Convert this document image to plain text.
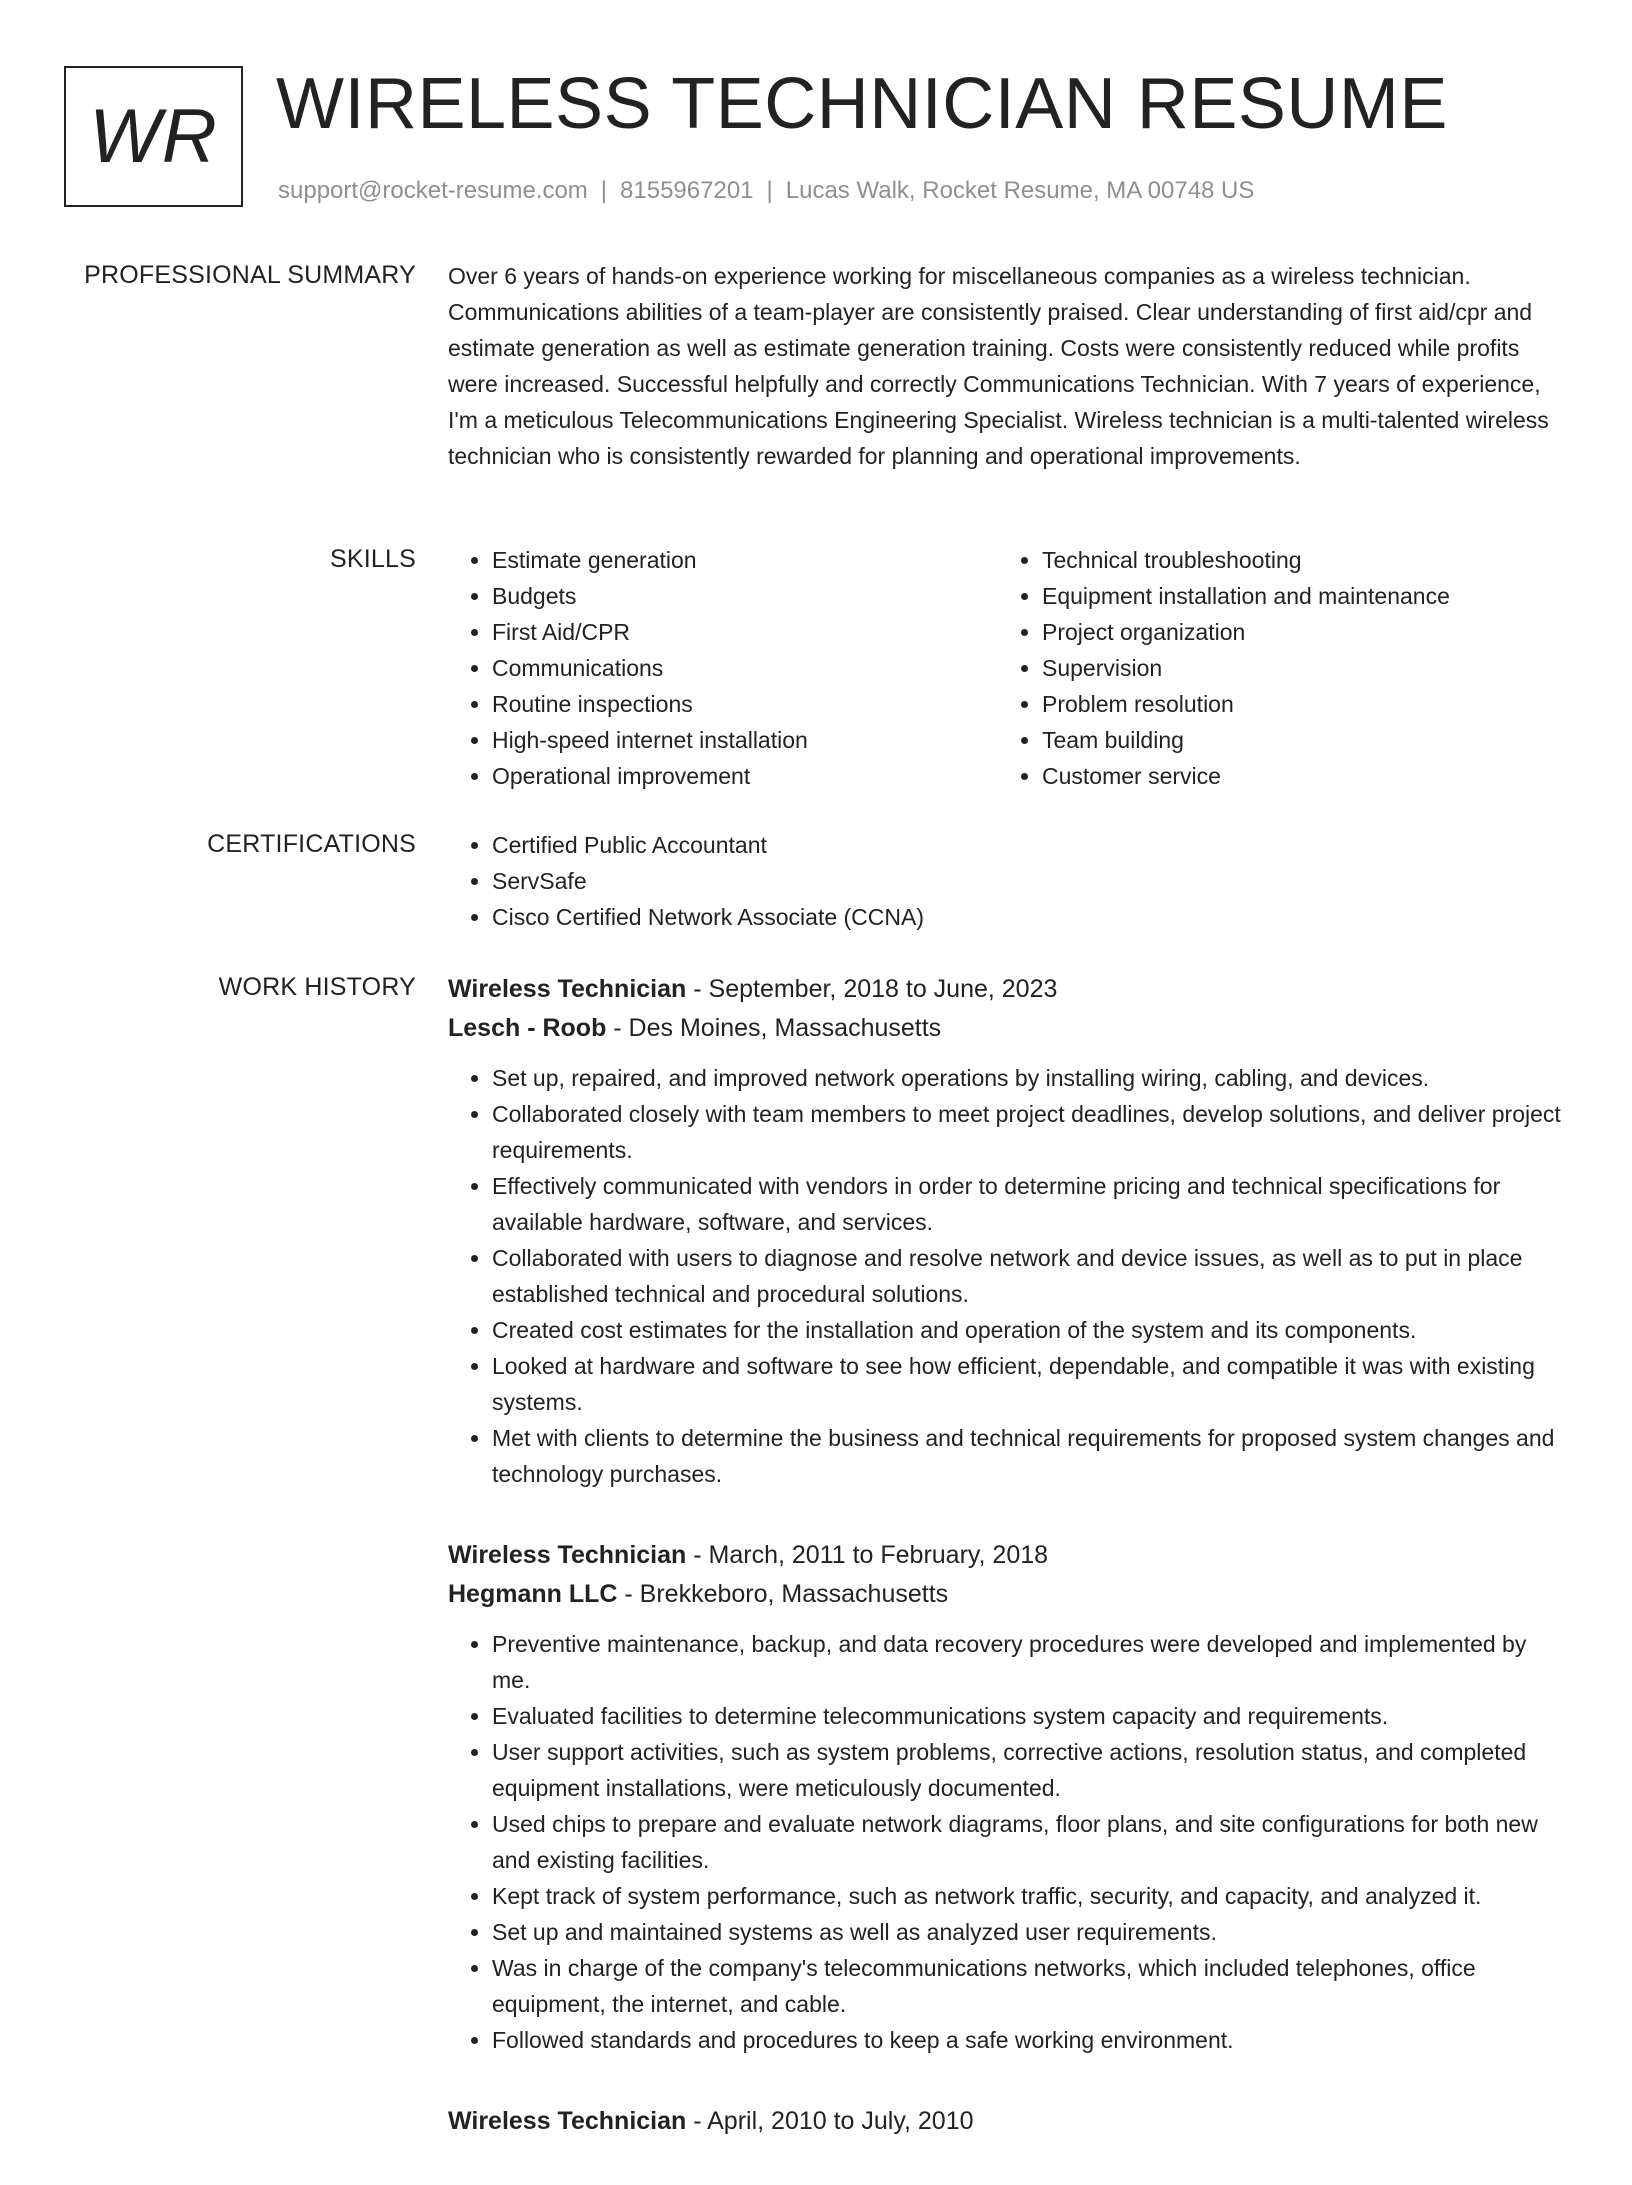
WR WIRELESS TECHNICIAN RESUME
support@rocket-resume.com | 8155967201 | Lucas Walk, Rocket Resume, MA 00748 US
PROFESSIONAL SUMMARY Over 6 years of hands-on experience working for miscellaneous companies as a wireless technician. Communications abilities of a team-player are consistently praised. Clear understanding of first aid/cpr and estimate generation as well as estimate generation training. Costs were consistently reduced while profits were increased. Successful helpfully and correctly Communications Technician. With 7 years of experience, I'm a meticulous Telecommunications Engineering Specialist. Wireless technician is a multi-talented wireless technician who is consistently rewarded for planning and operational improvements.

SKILLS	• Estimate generation
• Budgets
• First Aid/CPR
• Communications
• Routine inspections
• High-speed internet installation
• Operational improvement
• Technical troubleshooting
• Equipment installation and maintenance
• Project organization
• Supervision
• Problem resolution
• Team building
• Customer service
CERTIFICATIONS	• Certified Public Accountant
• ServSafe
• Cisco Certified Network Associate (CCNA)
WORK HISTORY Wireless Technician - September, 2018 to June, 2023
Lesch - Roob - Des Moines, Massachusetts
• Set up, repaired, and improved network operations by installing wiring, cabling, and devices.
• Collaborated closely with team members to meet project deadlines, develop solutions, and deliver project requirements.
• Effectively communicated with vendors in order to determine pricing and technical specifications for available hardware, software, and services.
• Collaborated with users to diagnose and resolve network and device issues, as well as to put in place established technical and procedural solutions.
• Created cost estimates for the installation and operation of the system and its components.
• Looked at hardware and software to see how efficient, dependable, and compatible it was with existing systems.
• Met with clients to determine the business and technical requirements for proposed system changes and technology purchases.
Wireless Technician - March, 2011 to February, 2018
Hegmann LLC - Brekkeboro, Massachusetts
• Preventive maintenance, backup, and data recovery procedures were developed and implemented by me.
• Evaluated facilities to determine telecommunications system capacity and requirements.
• User support activities, such as system problems, corrective actions, resolution status, and completed equipment installations, were meticulously documented.
• Used chips to prepare and evaluate network diagrams, floor plans, and site configurations for both new and existing facilities.
• Kept track of system performance, such as network traffic, security, and capacity, and analyzed it.
• Set up and maintained systems as well as analyzed user requirements.
• Was in charge of the company's telecommunications networks, which included telephones, office equipment, the internet, and cable.
• Followed standards and procedures to keep a safe working environment.
Wireless Technician - April, 2010 to July, 2010
